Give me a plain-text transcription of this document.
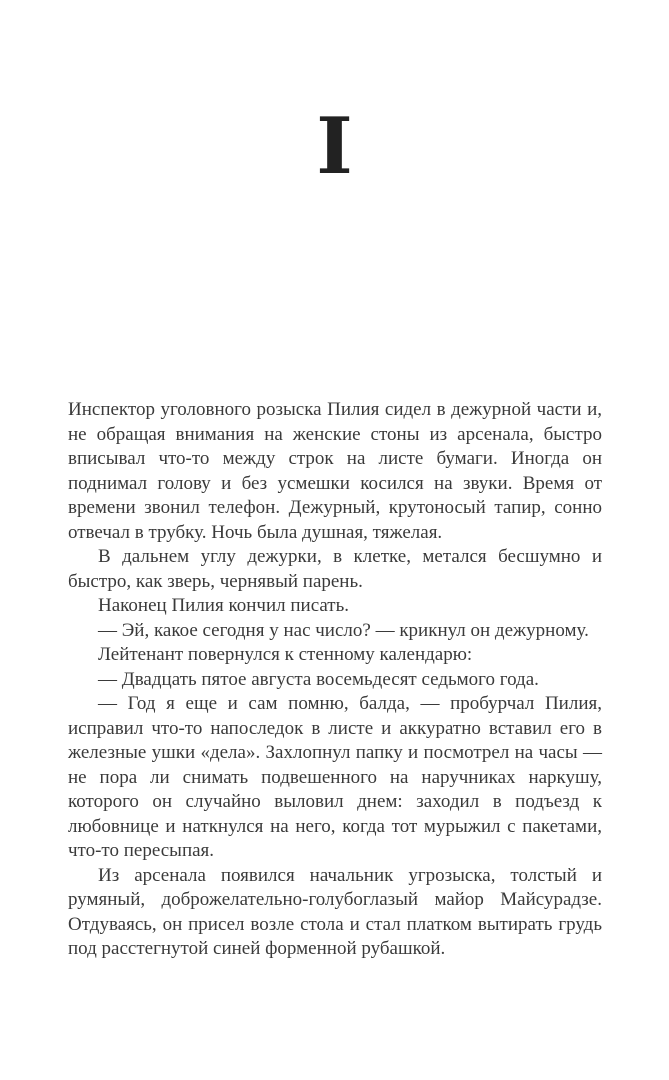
I

Инспектор уголовного розыска Пилия сидел в дежурной части и, не обращая внимания на женские стоны из арсенала, быстро вписывал что-то между строк на листе бумаги. Иногда он поднимал голову и без усмешки косился на звуки. Время от времени звонил телефон. Дежурный, крутоносый тапир, сонно отвечал в трубку. Ночь была душная, тяжелая.

В дальнем углу дежурки, в клетке, метался бесшумно и быстро, как зверь, чернявый парень.

Наконец Пилия кончил писать.

— Эй, какое сегодня у нас число? — крикнул он дежурному.

Лейтенант повернулся к стенному календарю:

— Двадцать пятое августа восемьдесят седьмого года.

— Год я еще и сам помню, балда, — пробурчал Пилия, исправил что-то напоследок в листе и аккуратно вставил его в железные ушки «дела». Захлопнул папку и посмотрел на часы — не пора ли снимать подвешенного на наручниках наркушу, которого он случайно выловил днем: заходил в подъезд к любовнице и наткнулся на него, когда тот мурыжил с пакетами, что-то пересыпая.

Из арсенала появился начальник угрозыска, толстый и румяный, доброжелательно-голубоглазый майор Майсурадзе. Отдуваясь, он присел возле стола и стал платком вытирать грудь под расстегнутой синей форменной рубашкой.
